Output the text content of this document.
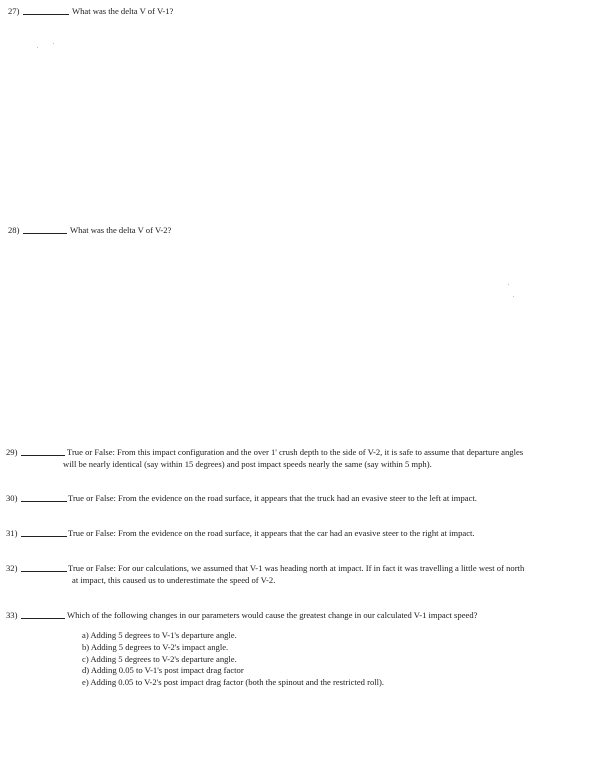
27)	What was the delta V of V-1?
28)	What was the delta V of V-2?
29)	True or False: From this impact configuration and the over 1' crush depth to the side of V-2, it is safe to assume that departure angles
will be nearly identical (say within 15 degrees) and post impact speeds nearly the same (say within 5 mph).
30)	True or False: From the evidence on the road surface, it appears that the truck had an evasive steer to the left at impact.
31)	True or False: From the evidence on the road surface, it appears that the car had an evasive steer to the right at impact.
32)	True or False: For our calculations, we assumed that V-1 was heading north at impact. If in fact it was travelling a little west of north
at impact, this caused us to underestimate the speed of V-2.
33)	Which of the following changes in our parameters would cause the greatest change in our calculated V-1 impact speed?
a) Adding 5 degrees to V-1's departure angle.
b) Adding 5 degrees to V-2's impact angle.
c) Adding 5 degrees to V-2's departure angle.
d) Adding 0.05 to V-1's post impact drag factor
e) Adding 0.05 to V-2's post impact drag factor (both the spinout and the restricted roll).
